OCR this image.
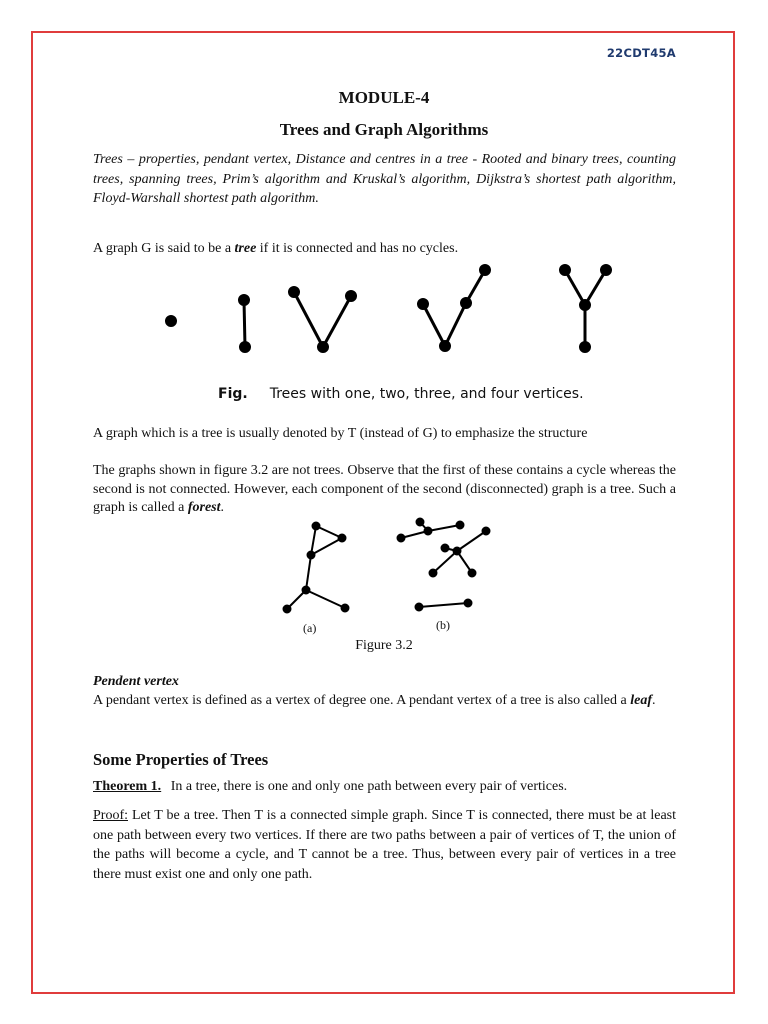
22CDT45A
MODULE-4
Trees and Graph Algorithms
Trees – properties, pendant vertex, Distance and centres in a tree - Rooted and binary trees, counting trees, spanning trees, Prim’s algorithm and Kruskal’s algorithm, Dijkstra’s shortest path algorithm, Floyd-Warshall shortest path algorithm.
A graph G is said to be a tree if it is connected and has no cycles.
Fig. Trees with one, two, three, and four vertices.
A graph which is a tree is usually denoted by T (instead of G) to emphasize the structure
The graphs shown in figure 3.2 are not trees. Observe that the first of these contains a cycle whereas the second is not connected. However, each component of the second (disconnected) graph is a tree. Such a graph is called a forest.
(a)	(b)
Figure 3.2
Pendent vertex
A pendant vertex is defined as a vertex of degree one. A pendant vertex of a tree is also called a leaf.
Some Properties of Trees
Theorem 1. In a tree, there is one and only one path between every pair of vertices.
Proof: Let T be a tree. Then T is a connected simple graph. Since T is connected, there must be at least one path between every two vertices. If there are two paths between a pair of vertices of T, the union of the paths will become a cycle, and T cannot be a tree. Thus, between every pair of vertices in a tree there must exist one and only one path.
